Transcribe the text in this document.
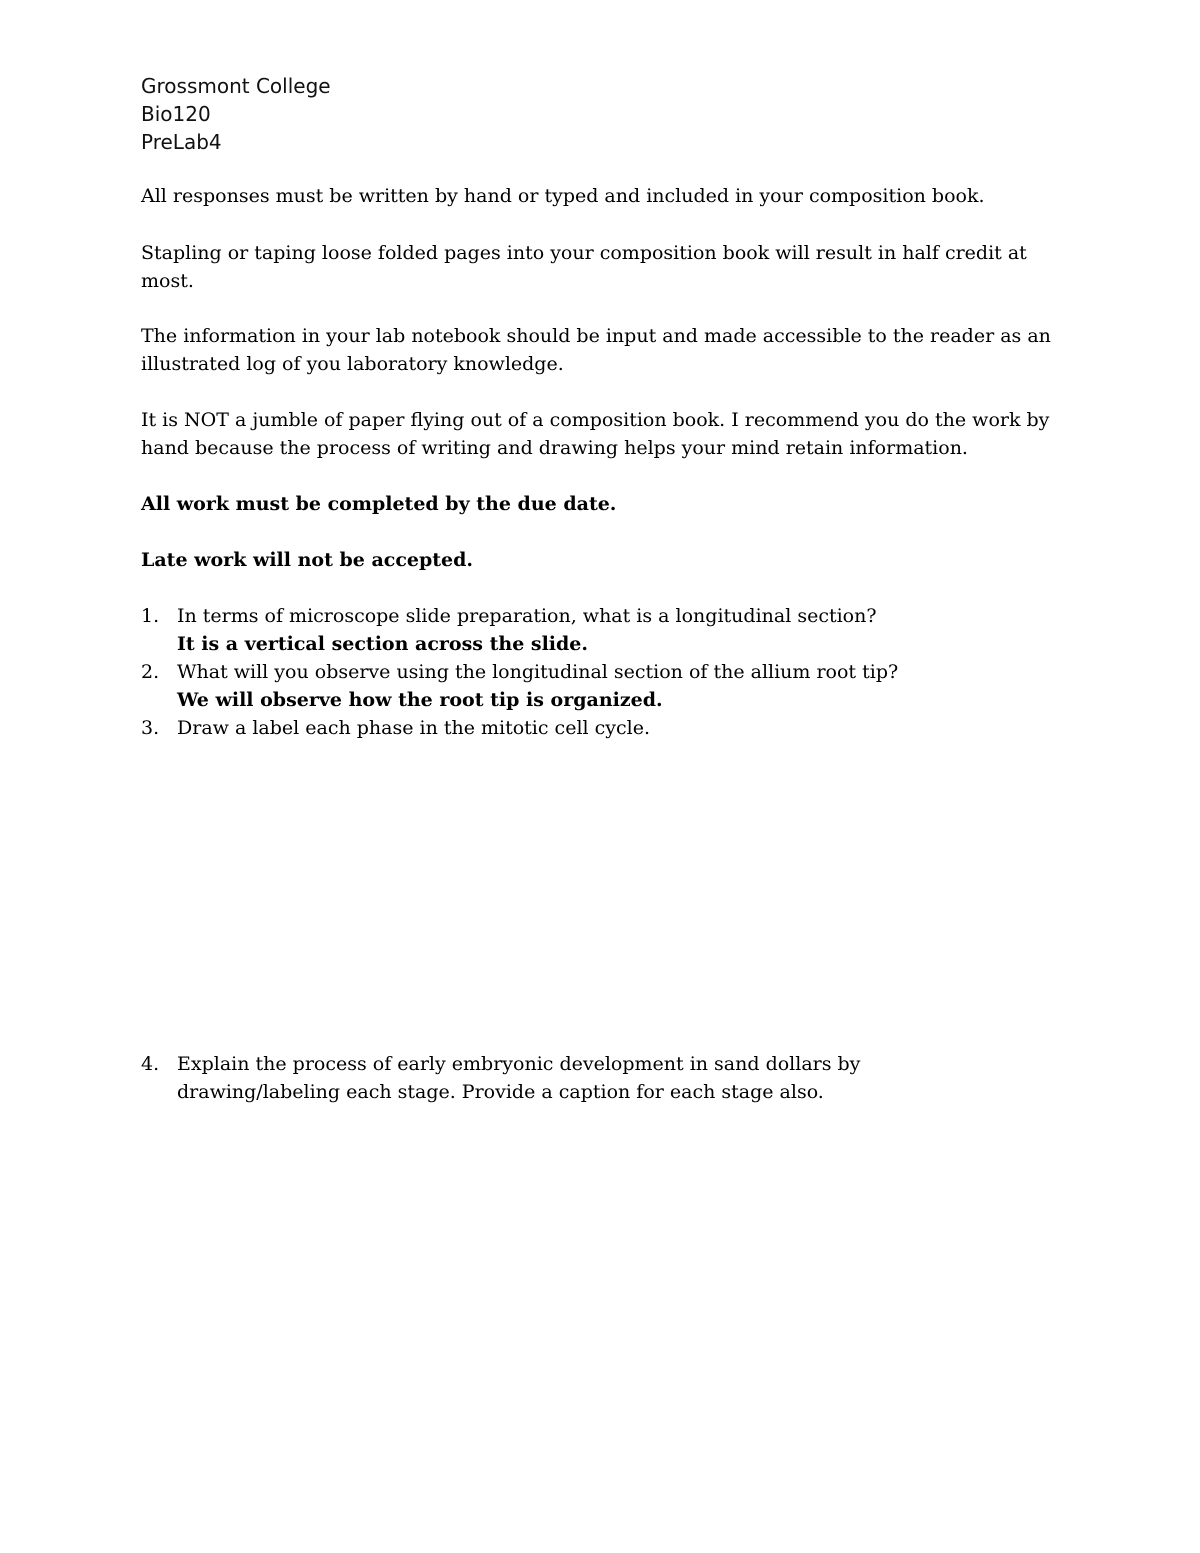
Grossmont College
Bio120
PreLab4
All responses must be written by hand or typed and included in your composition book.
Stapling or taping loose folded pages into your composition book will result in half credit at most.
The information in your lab notebook should be input and made accessible to the reader as an illustrated log of you laboratory knowledge.
It is NOT a jumble of paper flying out of a composition book. I recommend you do the work by hand because the process of writing and drawing helps your mind retain information.
All work must be completed by the due date.
Late work will not be accepted.
1. In terms of microscope slide preparation, what is a longitudinal section?
It is a vertical section across the slide.
2. What will you observe using the longitudinal section of the allium root tip?
We will observe how the root tip is organized.
3. Draw a label each phase in the mitotic cell cycle.
4. Explain the process of early embryonic development in sand dollars by drawing/labeling each stage. Provide a caption for each stage also.
